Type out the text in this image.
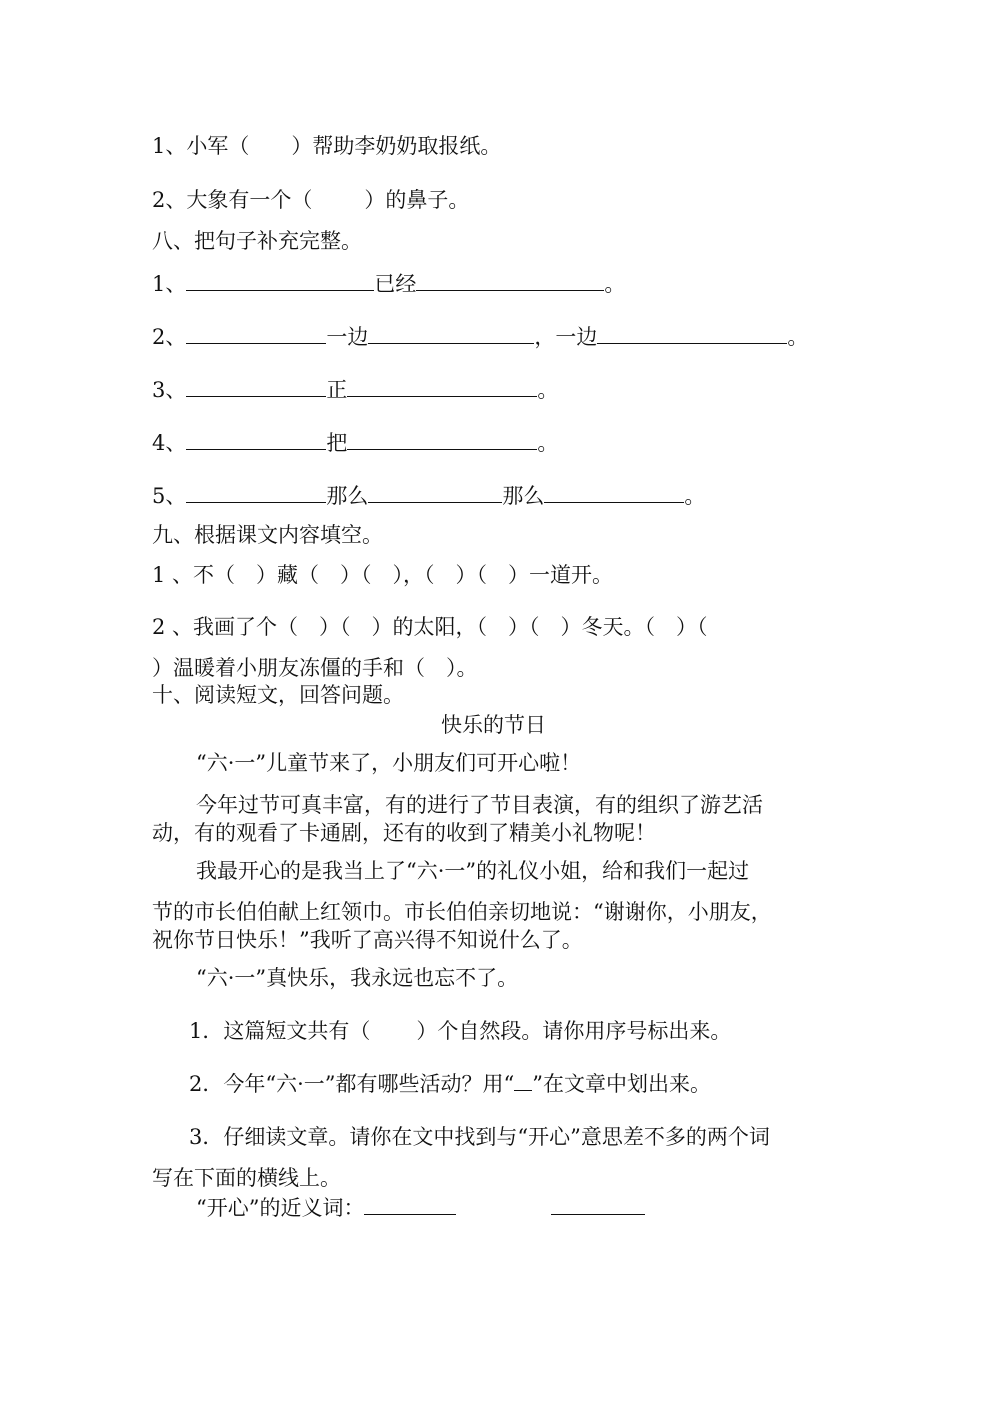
1、小军（ ）帮助李奶奶取报纸。
2、大象有一个（ ）的鼻子。
八、把句子补充完整。
1、	已经	。
2、	一边	，一边	。
3、	正	。
4、	把	。
5、	那么	那么	。
九、根据课文内容填空。
1 、不（　）藏（　）（　），（　）（　）一道开。
2 、我画了个（　）（　）的太阳，（　）（　）冬天。（　）（
）温暖着小朋友冻僵的手和（　）。
十、阅读短文，回答问题。
快乐的节日
“六·一”儿童节来了，小朋友们可开心啦！
今年过节可真丰富，有的进行了节目表演，有的组织了游艺活
动，有的观看了卡通剧，还有的收到了精美小礼物呢！
我最开心的是我当上了“六·一”的礼仪小姐，给和我们一起过
节的市长伯伯献上红领巾。市长伯伯亲切地说：“谢谢你，小朋友，
祝你节日快乐！”我听了高兴得不知说什么了。
“六·一”真快乐，我永远也忘不了。
1．这篇短文共有（ ）个自然段。请你用序号标出来。
2．今年“六·一”都有哪些活动？用“ ”在文章中划出来。
3．仔细读文章。请你在文中找到与“开心”意思差不多的两个词
写在下面的横线上。
“开心”的近义词：
